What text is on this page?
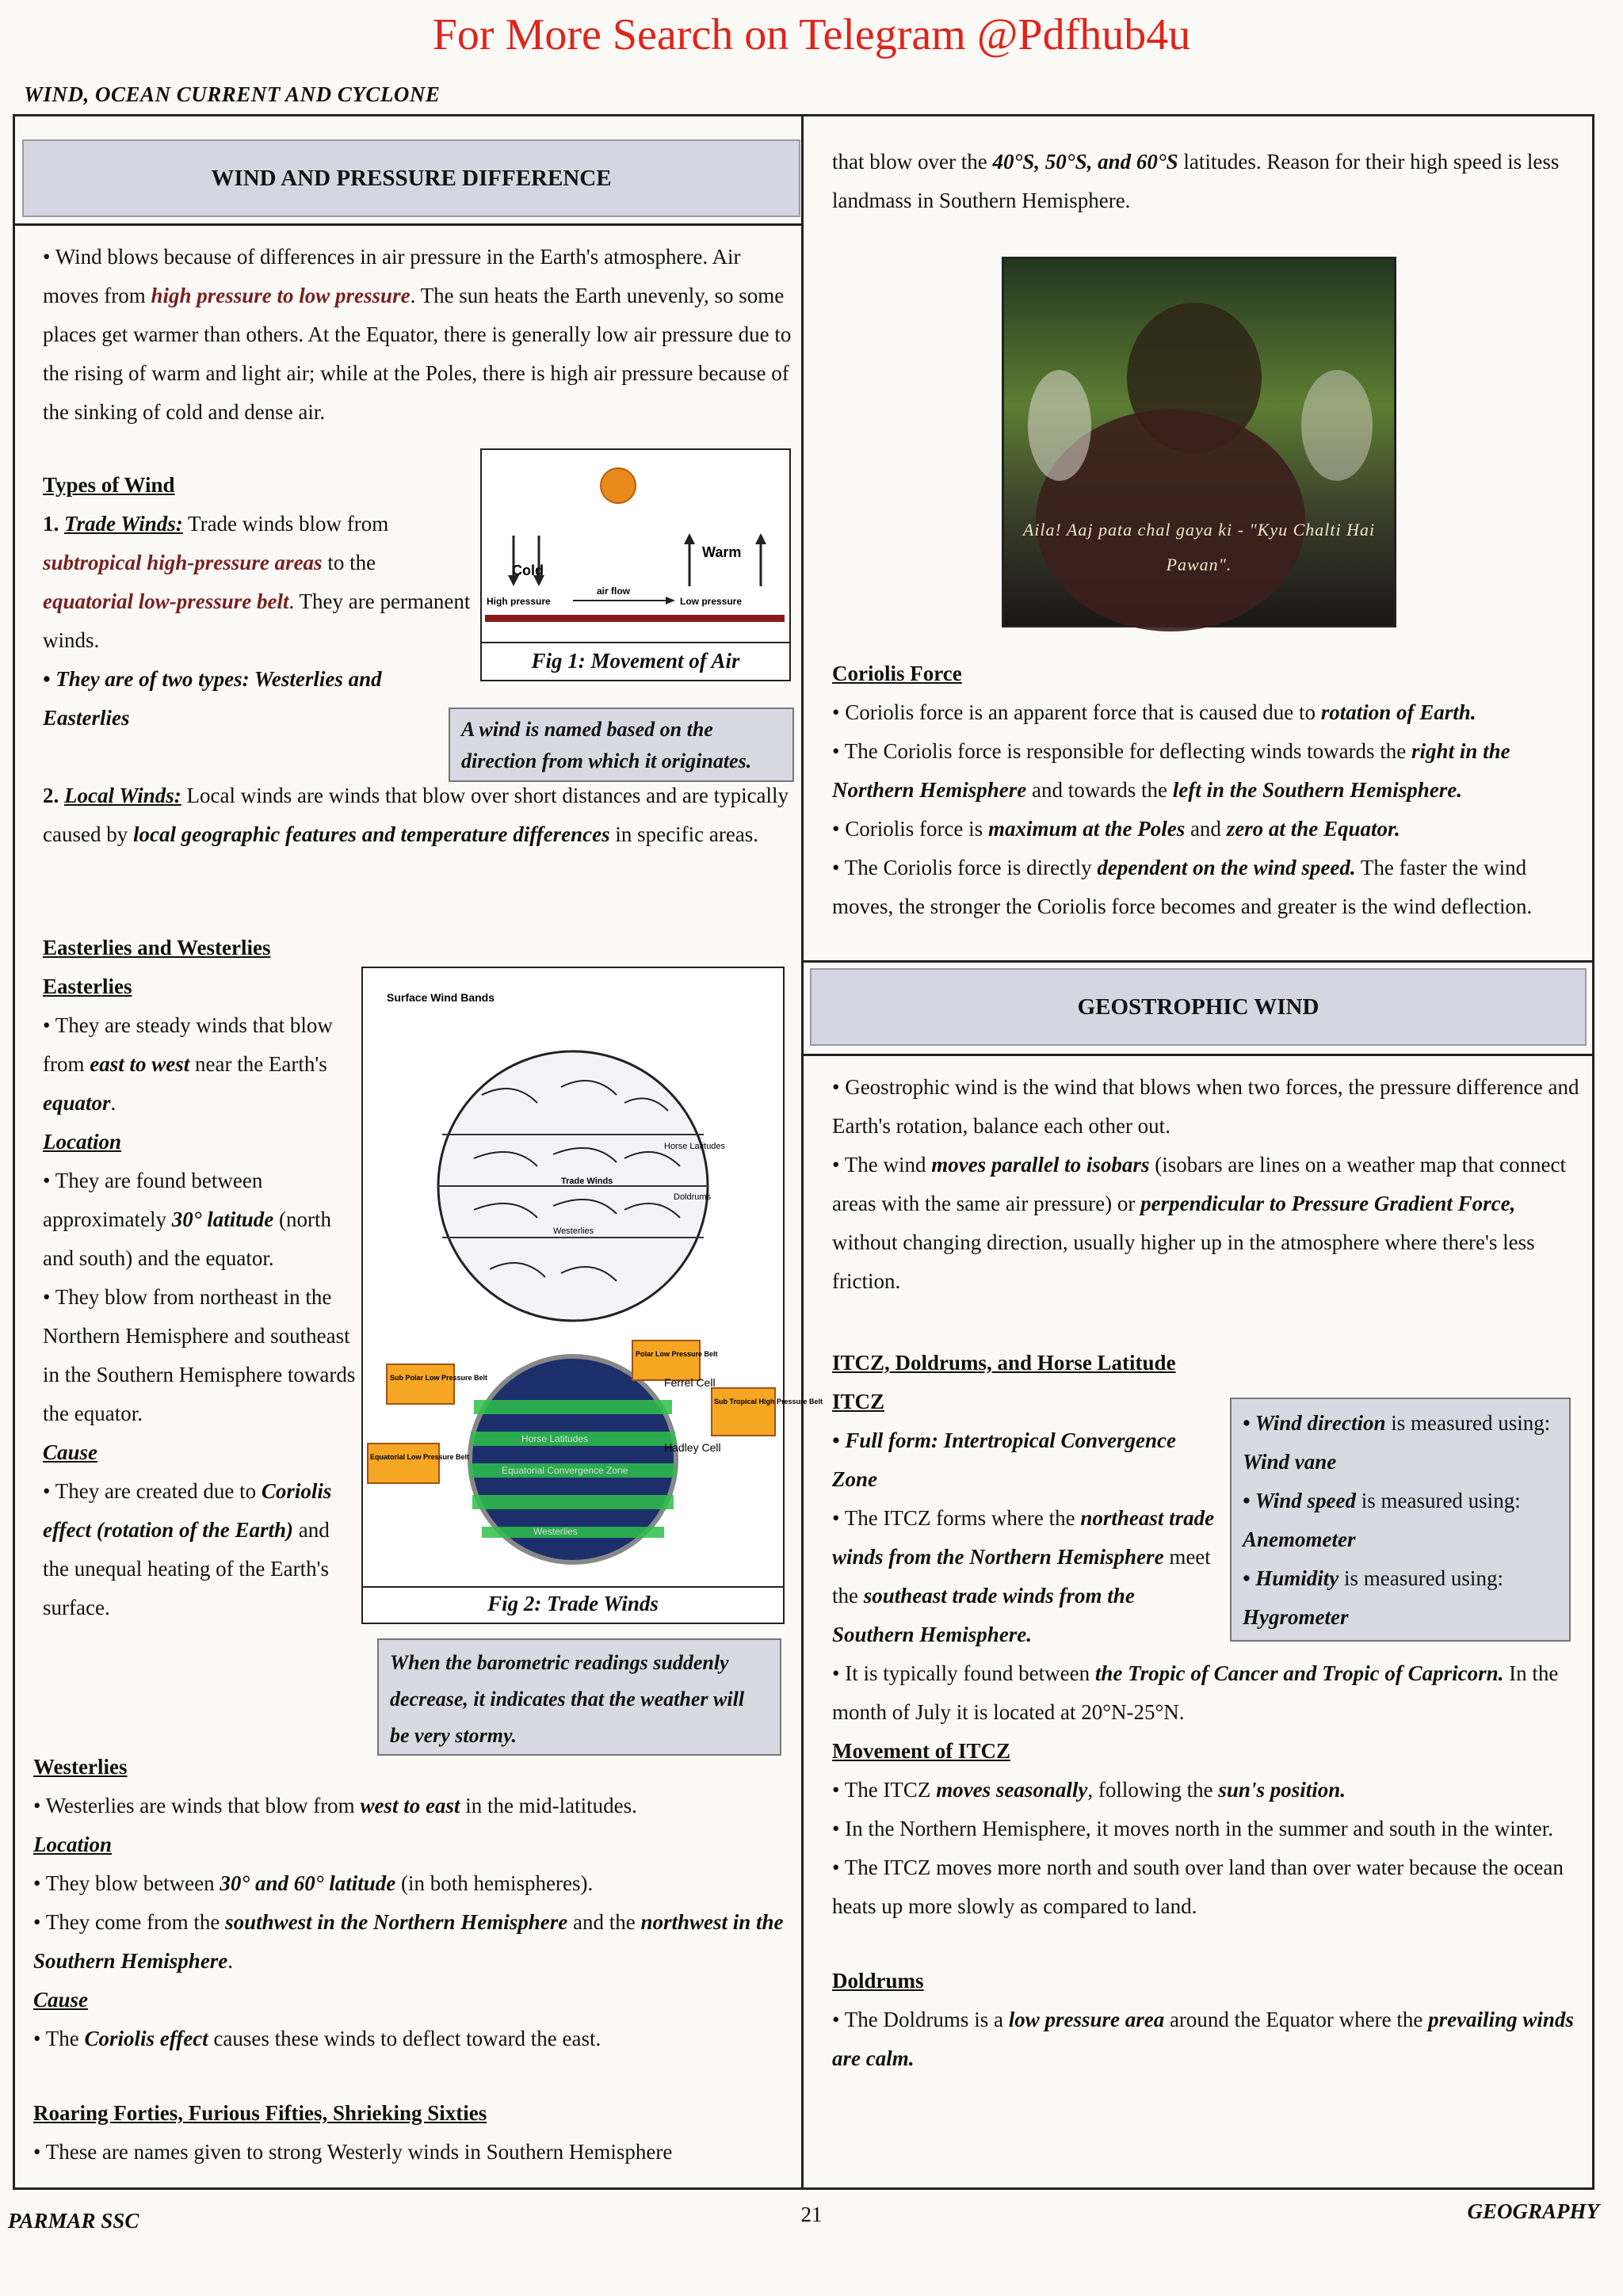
For More Search on Telegram @Pdfhub4u
WIND, OCEAN CURRENT AND CYCLONE
WIND AND PRESSURE DIFFERENCE

• Wind blows because of differences in air pressure in the Earth's atmosphere. Air moves from high pressure to low pressure. The sun heats the Earth unevenly, so some places get warmer than others. At the Equator, there is generally low air pressure due to the rising of warm and light air; while at the Poles, there is high air pressure because of the sinking of cold and dense air.

Types of Wind

1. Trade Winds: Trade winds blow from subtropical high-pressure areas to the equatorial low-pressure belt. They are permanent winds.

• They are of two types: Westerlies and Easterlies

Cold
Warm
High pressure	Low pressure
air flow
Fig 1: Movement of Air
A wind is named based on the direction from which it originates.

2. Local Winds: Local winds are winds that blow over short distances and are typically caused by local geographic features and temperature differences in specific areas.

Easterlies and Westerlies

Easterlies

• They are steady winds that blow from east to west near the Earth's equator.

Location

• They are found between approximately 30° latitude (north and south) and the equator.

• They blow from northeast in the Northern Hemisphere and southeast in the Southern Hemisphere towards the equator.

Cause

• They are created due to Coriolis effect (rotation of the Earth) and the unequal heating of the Earth's surface.

Surface Wind Bands
Horse Latitudes
Doldrums
Trade Winds
Westerlies
Horse Latitudes
Equatorial Convergence Zone
Westerlies
Sub Polar Low Pressure Belt
Polar Low Pressure Belt
Sub Tropical High Pressure Belt
Equatorial Low Pressure Belt
Ferrel Cell
Hadley Cell
Fig 2: Trade Winds
When the barometric readings suddenly decrease, it indicates that the weather will be very stormy.

Westerlies

• Westerlies are winds that blow from west to east in the mid-latitudes.

Location

• They blow between 30° and 60° latitude (in both hemispheres).

• They come from the southwest in the Northern Hemisphere and the northwest in the Southern Hemisphere.

Cause

• The Coriolis effect causes these winds to deflect toward the east.

Roaring Forties, Furious Fifties, Shrieking Sixties

• These are names given to strong Westerly winds in Southern Hemisphere

that blow over the 40°S, 50°S, and 60°S latitudes. Reason for their high speed is less landmass in Southern Hemisphere.

Aila! Aaj pata chal gaya ki - "Kyu Chalti Hai Pawan".

Coriolis Force

• Coriolis force is an apparent force that is caused due to rotation of Earth.

• The Coriolis force is responsible for deflecting winds towards the right in the Northern Hemisphere and towards the left in the Southern Hemisphere.

• Coriolis force is maximum at the Poles and zero at the Equator.

• The Coriolis force is directly dependent on the wind speed. The faster the wind moves, the stronger the Coriolis force becomes and greater is the wind deflection.

GEOSTROPHIC WIND

• Geostrophic wind is the wind that blows when two forces, the pressure difference and Earth's rotation, balance each other out.

• The wind moves parallel to isobars (isobars are lines on a weather map that connect areas with the same air pressure) or perpendicular to Pressure Gradient Force, without changing direction, usually higher up in the atmosphere where there's less friction.

ITCZ, Doldrums, and Horse Latitude

ITCZ

• Full form: Intertropical Convergence Zone

• The ITCZ forms where the northeast trade winds from the Northern Hemisphere meet the southeast trade winds from the Southern Hemisphere.

• Wind direction is measured using: Wind vane

• Wind speed is measured using: Anemometer

• Humidity is measured using: Hygrometer

• It is typically found between the Tropic of Cancer and Tropic of Capricorn. In the month of July it is located at 20°N-25°N.

Movement of ITCZ

• The ITCZ moves seasonally, following the sun's position.

• In the Northern Hemisphere, it moves north in the summer and south in the winter.

• The ITCZ moves more north and south over land than over water because the ocean heats up more slowly as compared to land.

Doldrums

• The Doldrums is a low pressure area around the Equator where the prevailing winds are calm.

PARMAR SSC	21	GEOGRAPHY
